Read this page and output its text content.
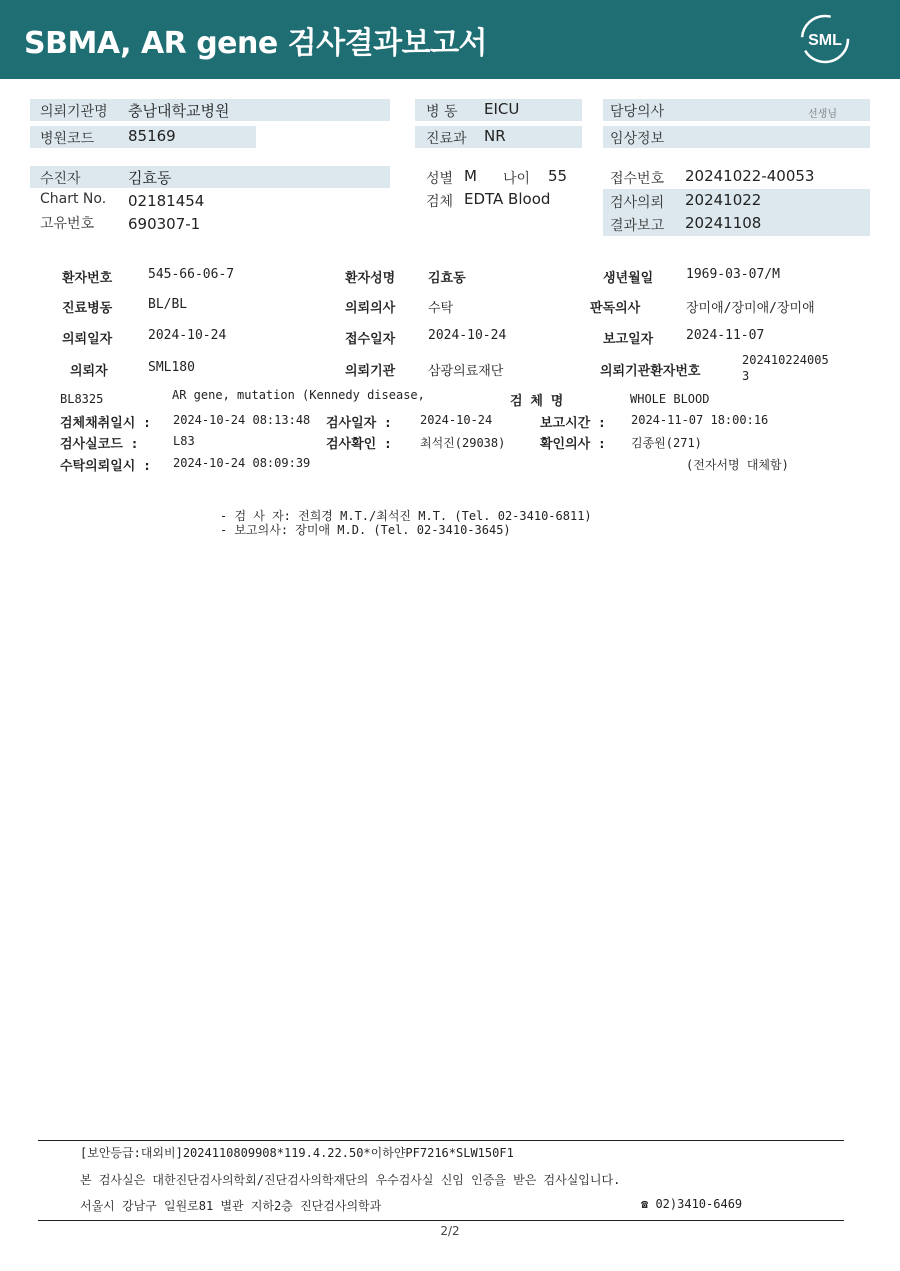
SBMA, AR gene 검사결과보고서	SML
의뢰기관명 충남대학교병원
병원코드 85169
병 동 EICU
진료과 NR
담당의사	선생님
임상정보
수진자	김효동
Chart No. 02181454
고유번호 690307-1
성별 M 나이 55
검체 EDTA Blood
접수번호 20241022-40053
검사의뢰 20241022
결과보고 20241108
환자번호	545-66-06-7	환자성명	김효동	생년월일	1969-03-07/M
진료병동	BL/BL	의뢰의사	수탁	판독의사	장미애/장미애/장미애
의뢰일자	2024-10-24	접수일자	2024-10-24	보고일자	2024-11-07
의뢰자	SML180	의뢰기관	삼광의료재단	의뢰기관환자번호
202410224005
3
BL8325	AR gene, mutation (Kennedy disease,	검 체 명	WHOLE BLOOD
검체채취일시 : 2024-10-24 08:13:48 검사일자 : 2024-10-24	보고시간 : 2024-11-07 18:00:16
검사실코드 :	L83	검사확인 : 최석진(29038)	확인의사 : 김종원(271)
수탁의뢰일시 : 2024-10-24 08:09:39	(전자서명 대체함)
- 검 사 자: 전희경 M.T./최석진 M.T. (Tel. 02-3410-6811)
- 보고의사: 장미애 M.D. (Tel. 02-3410-3645)
[보안등급:대외비]2024110809908*119.4.22.50*이하얀PF7216*SLW150F1
본 검사실은 대한진단검사의학회/진단검사의학재단의 우수검사실 신임 인증을 받은 검사실입니다.
서울시 강남구 일원로81 별관 지하2층 진단검사의학과	☎ 02)3410-6469
2/2
